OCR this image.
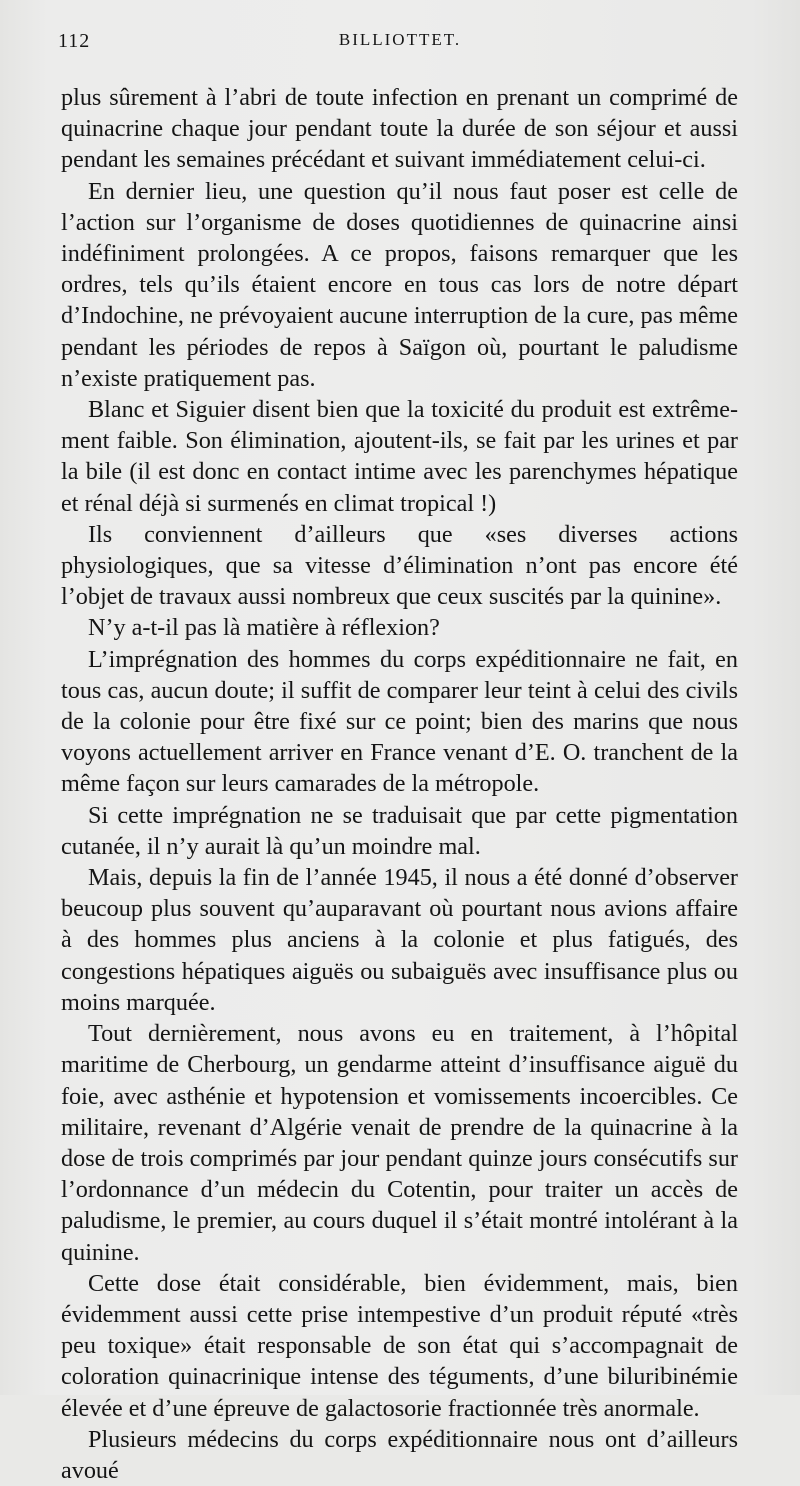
112	BILLIOTTET.

plus sûrement à l’abri de toute infection en prenant un comprimé de quinacrine chaque jour pendant toute la durée de son séjour et aussi pendant les semaines précédant et suivant immédiatement celui-ci.

En dernier lieu, une question qu’il nous faut poser est celle de l’action sur l’organisme de doses quotidiennes de quinacrine ainsi indéfiniment prolongées. A ce propos, faisons remarquer que les ordres, tels qu’ils étaient encore en tous cas lors de notre départ d’Indochine, ne prévoyaient aucune interruption de la cure, pas même pendant les périodes de repos à Saïgon où, pourtant le paludisme n’existe pratiquement pas.

Blanc et Siguier disent bien que la toxicité du produit est extrêmement faible. Son élimination, ajoutent-ils, se fait par les urines et par la bile (il est donc en contact intime avec les parenchymes hépatique et rénal déjà si surmenés en climat tropical !)

Ils conviennent d’ailleurs que «ses diverses actions physiologiques, que sa vitesse d’élimination n’ont pas encore été l’objet de travaux aussi nombreux que ceux suscités par la quinine».

N’y a-t-il pas là matière à réflexion?

L’imprégnation des hommes du corps expéditionnaire ne fait, en tous cas, aucun doute; il suffit de comparer leur teint à celui des civils de la colonie pour être fixé sur ce point; bien des marins que nous voyons actuellement arriver en France venant d’E. O. tranchent de la même façon sur leurs camarades de la métropole.

Si cette imprégnation ne se traduisait que par cette pigmentation cutanée, il n’y aurait là qu’un moindre mal.

Mais, depuis la fin de l’année 1945, il nous a été donné d’observer beucoup plus souvent qu’auparavant où pourtant nous avions affaire à des hommes plus anciens à la colonie et plus fatigués, des congestions hépatiques aiguës ou subaiguës avec insuffisance plus ou moins marquée.

Tout dernièrement, nous avons eu en traitement, à l’hôpital maritime de Cherbourg, un gendarme atteint d’insuffisance aiguë du foie, avec asthénie et hypotension et vomissements incoercibles. Ce militaire, revenant d’Algérie venait de prendre de la quinacrine à la dose de trois comprimés par jour pendant quinze jours consécutifs sur l’ordonnance d’un médecin du Cotentin, pour traiter un accès de paludisme, le premier, au cours duquel il s’était montré intolérant à la quinine.

Cette dose était considérable, bien évidemment, mais, bien évidemment aussi cette prise intempestive d’un produit réputé «très peu toxique» était responsable de son état qui s’accompagnait de coloration quinacrinique intense des téguments, d’une biluribinémie élevée et d’une épreuve de galactosorie fractionnée très anormale.

Plusieurs médecins du corps expéditionnaire nous ont d’ailleurs avoué
